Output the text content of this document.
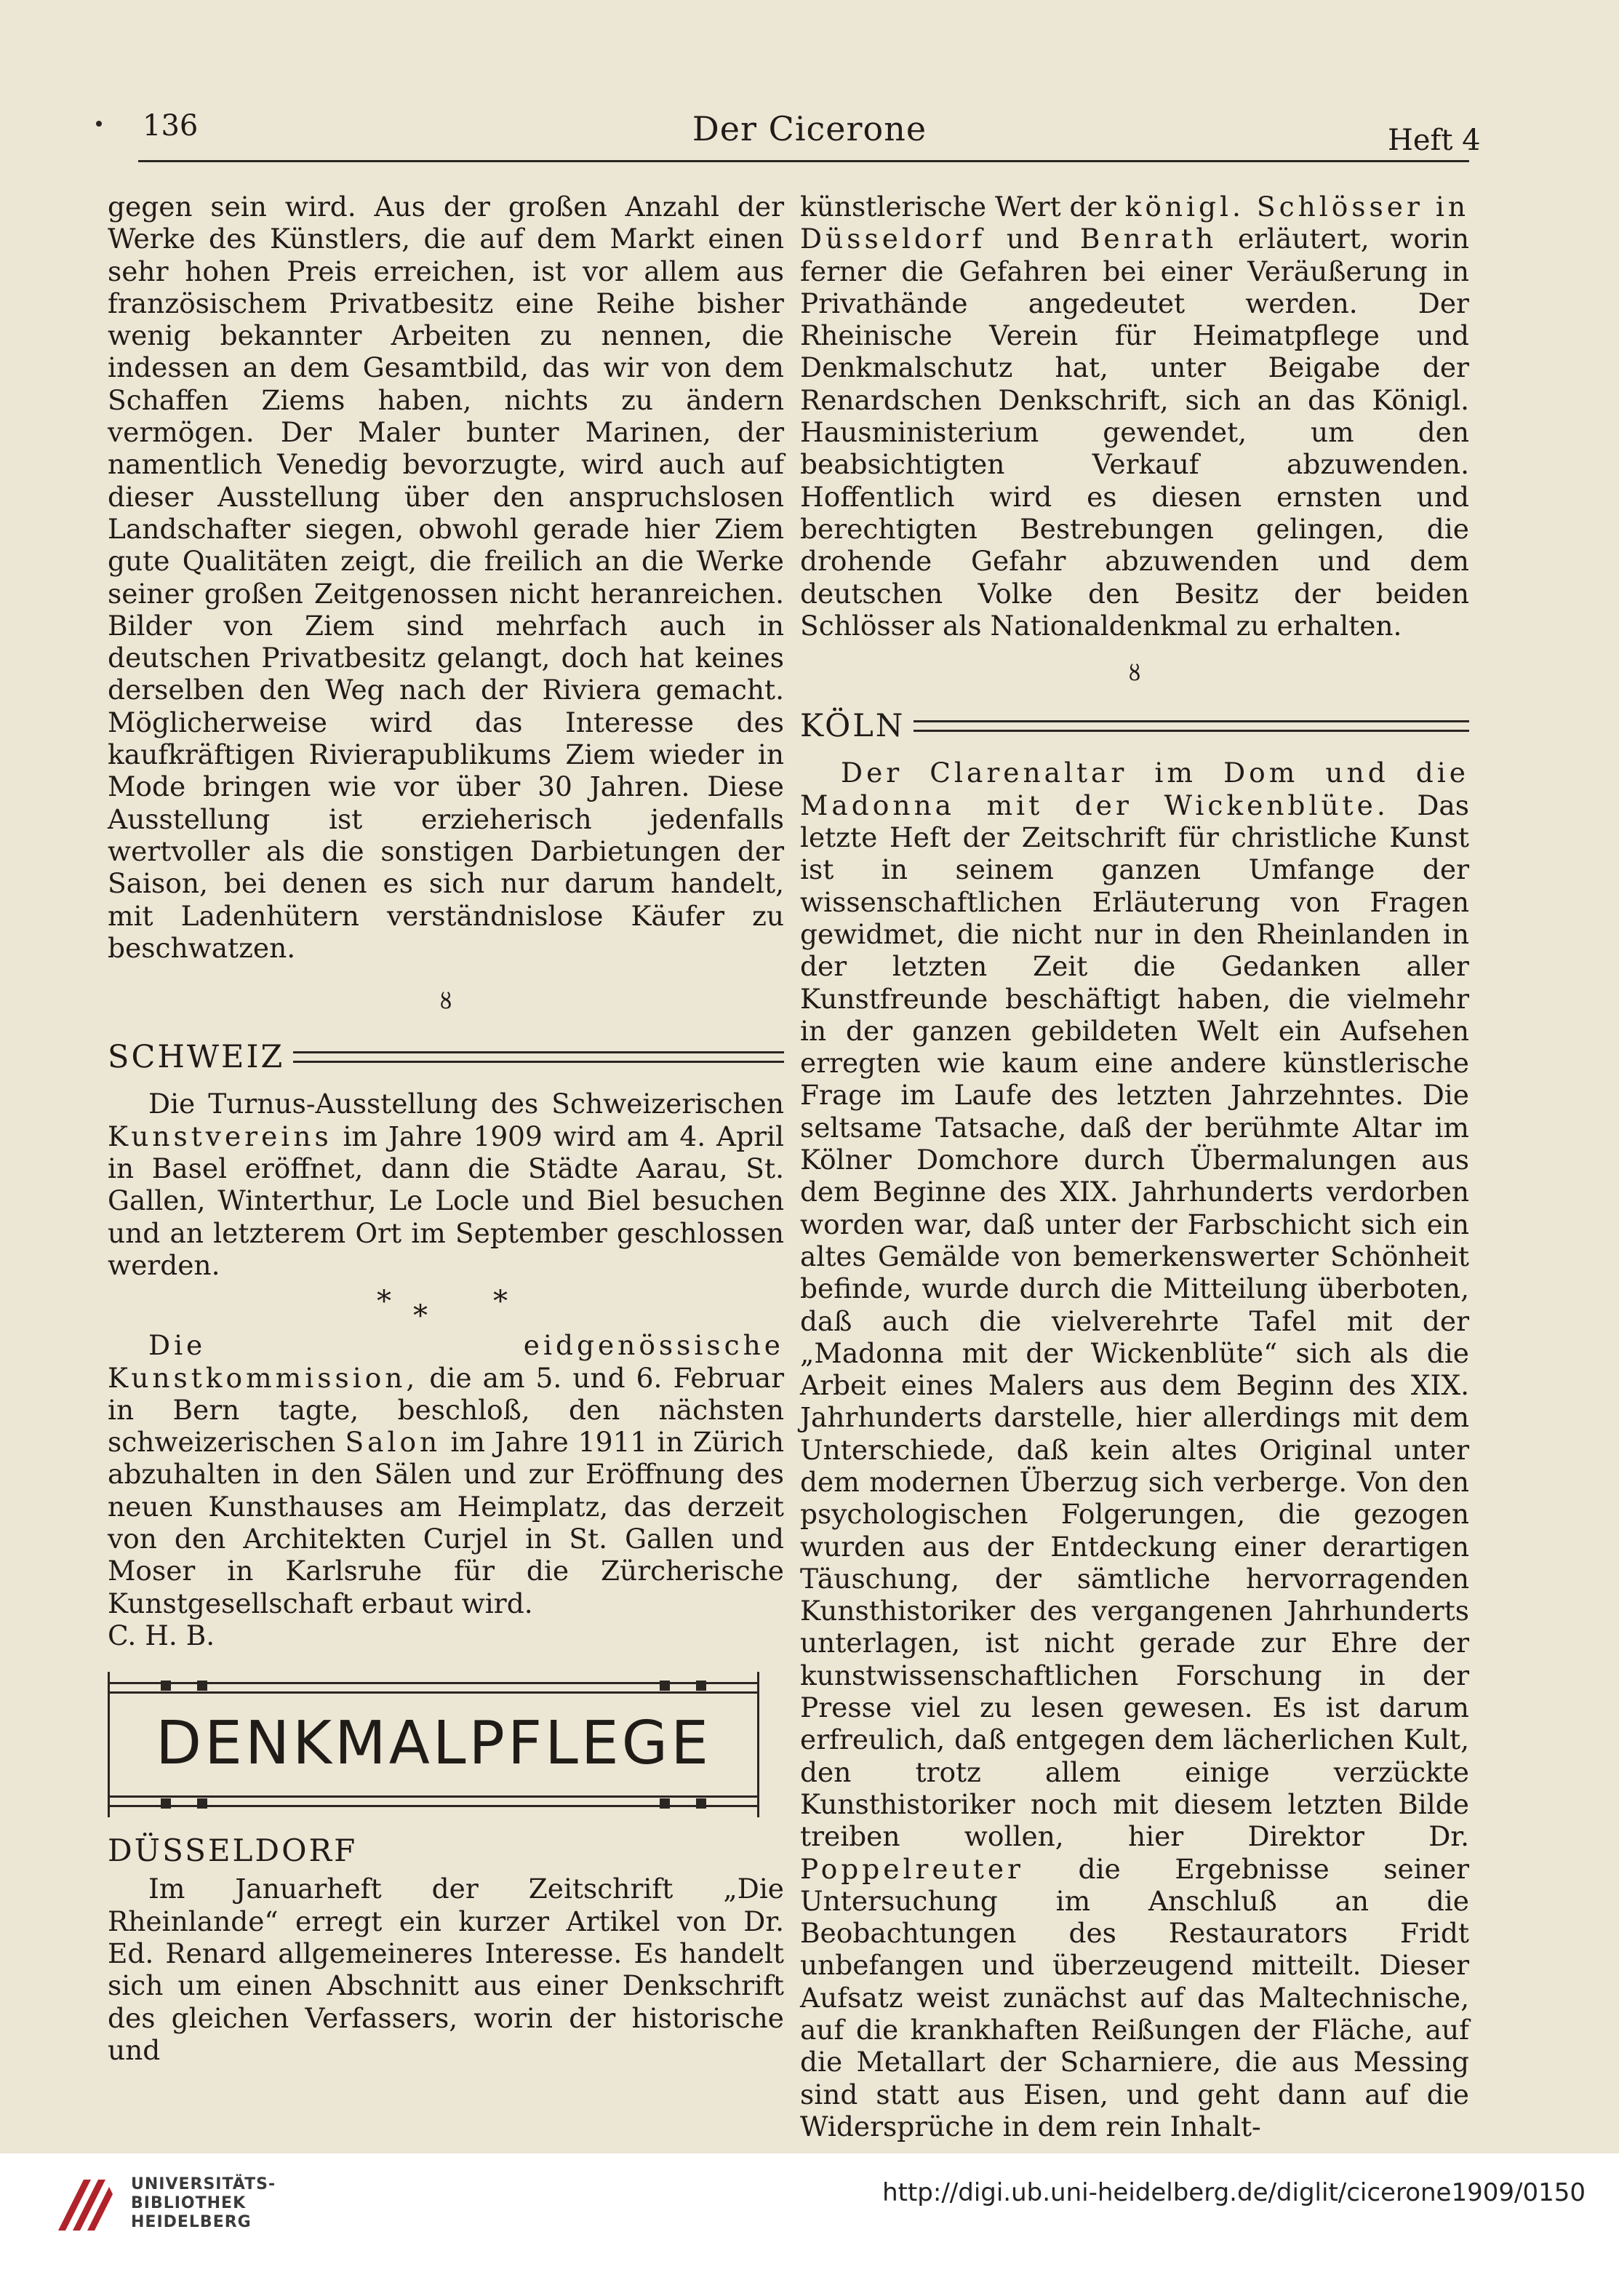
136	Der Cicerone	Heft 4

gegen sein wird. Aus der großen Anzahl der Werke des Künstlers, die auf dem Markt einen sehr hohen Preis erreichen, ist vor allem aus französischem Privatbesitz eine Reihe bisher wenig bekannter Arbeiten zu nennen, die indessen an dem Gesamtbild, das wir von dem Schaffen Ziems haben, nichts zu ändern vermögen. Der Maler bunter Marinen, der namentlich Venedig bevorzugte, wird auch auf dieser Ausstellung über den anspruchslosen Landschafter siegen, obwohl gerade hier Ziem gute Qualitäten zeigt, die freilich an die Werke seiner großen Zeitgenossen nicht heranreichen. Bilder von Ziem sind mehrfach auch in deutschen Privatbesitz gelangt, doch hat keines derselben den Weg nach der Riviera gemacht. Möglicherweise wird das Interesse des kaufkräftigen Rivierapublikums Ziem wieder in Mode bringen wie vor über 30 Jahren. Diese Ausstellung ist erzieherisch jedenfalls wertvoller als die sonstigen Darbietungen der Saison, bei denen es sich nur darum handelt, mit Ladenhütern verständnislose Käufer zu beschwatzen.

ȣ
SCHWEIZ

Die Turnus-Ausstellung des Schweizerischen Kunstvereins im Jahre 1909 wird am 4. April in Basel eröffnet, dann die Städte Aarau, St. Gallen, Winterthur, Le Locle und Biel besuchen und an letzterem Ort im September geschlossen werden.

*
* *

Die eidgenössische Kunstkommission, die am 5. und 6. Februar in Bern tagte, beschloß, den nächsten schweizerischen Salon im Jahre 1911 in Zürich abzuhalten in den Sälen und zur Eröffnung des neuen Kunsthauses am Heimplatz, das derzeit von den Architekten Curjel in St. Gallen und Moser in Karlsruhe für die Zürcherische Kunstgesellschaft erbaut wird.

C. H. B.

DENKMALPFLEGE
DÜSSELDORF

Im Januarheft der Zeitschrift „Die Rheinlande“ erregt ein kurzer Artikel von Dr. Ed. Renard allgemeineres Interesse. Es handelt sich um einen Abschnitt aus einer Denkschrift des gleichen Verfassers, worin der historische und

künstlerische Wert der königl. Schlösser in Düsseldorf und Benrath erläutert, worin ferner die Gefahren bei einer Veräußerung in Privathände angedeutet werden. Der Rheinische Verein für Heimatpflege und Denkmalschutz hat, unter Beigabe der Renardschen Denkschrift, sich an das Königl. Hausministerium gewendet, um den beabsichtigten Verkauf abzuwenden. Hoffentlich wird es diesen ernsten und berechtigten Bestrebungen gelingen, die drohende Gefahr abzuwenden und dem deutschen Volke den Besitz der beiden Schlösser als Nationaldenkmal zu erhalten.

ȣ
KÖLN

Der Clarenaltar im Dom und die Madonna mit der Wickenblüte. Das letzte Heft der Zeitschrift für christliche Kunst ist in seinem ganzen Umfange der wissenschaftlichen Erläuterung von Fragen gewidmet, die nicht nur in den Rheinlanden in der letzten Zeit die Gedanken aller Kunstfreunde beschäftigt haben, die vielmehr in der ganzen gebildeten Welt ein Aufsehen erregten wie kaum eine andere künstlerische Frage im Laufe des letzten Jahrzehntes. Die seltsame Tatsache, daß der berühmte Altar im Kölner Domchore durch Übermalungen aus dem Beginne des XIX. Jahrhunderts verdorben worden war, daß unter der Farbschicht sich ein altes Gemälde von bemerkenswerter Schönheit befinde, wurde durch die Mitteilung überboten, daß auch die vielverehrte Tafel mit der „Madonna mit der Wickenblüte“ sich als die Arbeit eines Malers aus dem Beginn des XIX. Jahrhunderts darstelle, hier allerdings mit dem Unterschiede, daß kein altes Original unter dem modernen Überzug sich verberge. Von den psychologischen Folgerungen, die gezogen wurden aus der Entdeckung einer derartigen Täuschung, der sämtliche hervorragenden Kunsthistoriker des vergangenen Jahrhunderts unterlagen, ist nicht gerade zur Ehre der kunstwissenschaftlichen Forschung in der Presse viel zu lesen gewesen. Es ist darum erfreulich, daß entgegen dem lächerlichen Kult, den trotz allem einige verzückte Kunsthistoriker noch mit diesem letzten Bilde treiben wollen, hier Direktor Dr. Poppelreuter die Ergebnisse seiner Untersuchung im Anschluß an die Beobachtungen des Restaurators Fridt unbefangen und überzeugend mitteilt. Dieser Aufsatz weist zunächst auf das Maltechnische, auf die krankhaften Reißungen der Fläche, auf die Metallart der Scharniere, die aus Messing sind statt aus Eisen, und geht dann auf die Widersprüche in dem rein Inhalt-

UNIVERSITÄTS-
BIBLIOTHEK
HEIDELBERG
http://digi.ub.uni-heidelberg.de/diglit/cicerone1909/0150
